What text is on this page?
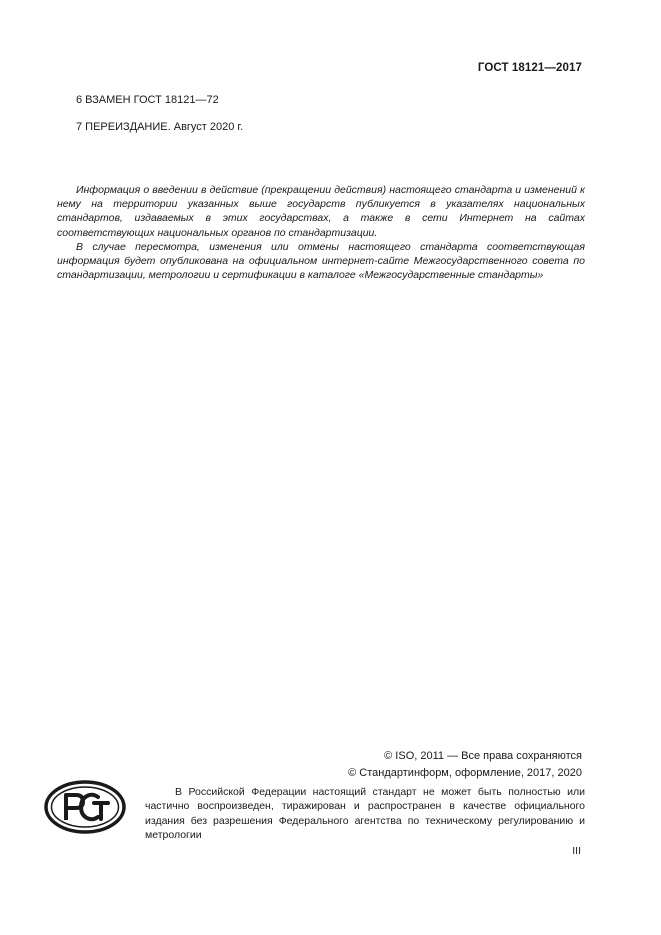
ГОСТ 18121—2017
6 ВЗАМЕН ГОСТ 18121—72
7 ПЕРЕИЗДАНИЕ. Август 2020 г.

Информация о введении в действие (прекращении действия) настоящего стандарта и изменений к нему на территории указанных выше государств публикуется в указателях национальных стандартов, издаваемых в этих государствах, а также в сети Интернет на сайтах соответствующих национальных органов по стандартизации.

В случае пересмотра, изменения или отмены настоящего стандарта соответствующая информация будет опубликована на официальном интернет-сайте Межгосударственного совета по стандартизации, метрологии и сертификации в каталоге «Межгосударственные стандарты»

© ISO, 2011 — Все права сохраняются
© Стандартинформ, оформление, 2017, 2020

В Российской Федерации настоящий стандарт не может быть полностью или частично воспроизведен, тиражирован и распространен в качестве официального издания без разрешения Федерального агентства по техническому регулированию и метрологии

III
